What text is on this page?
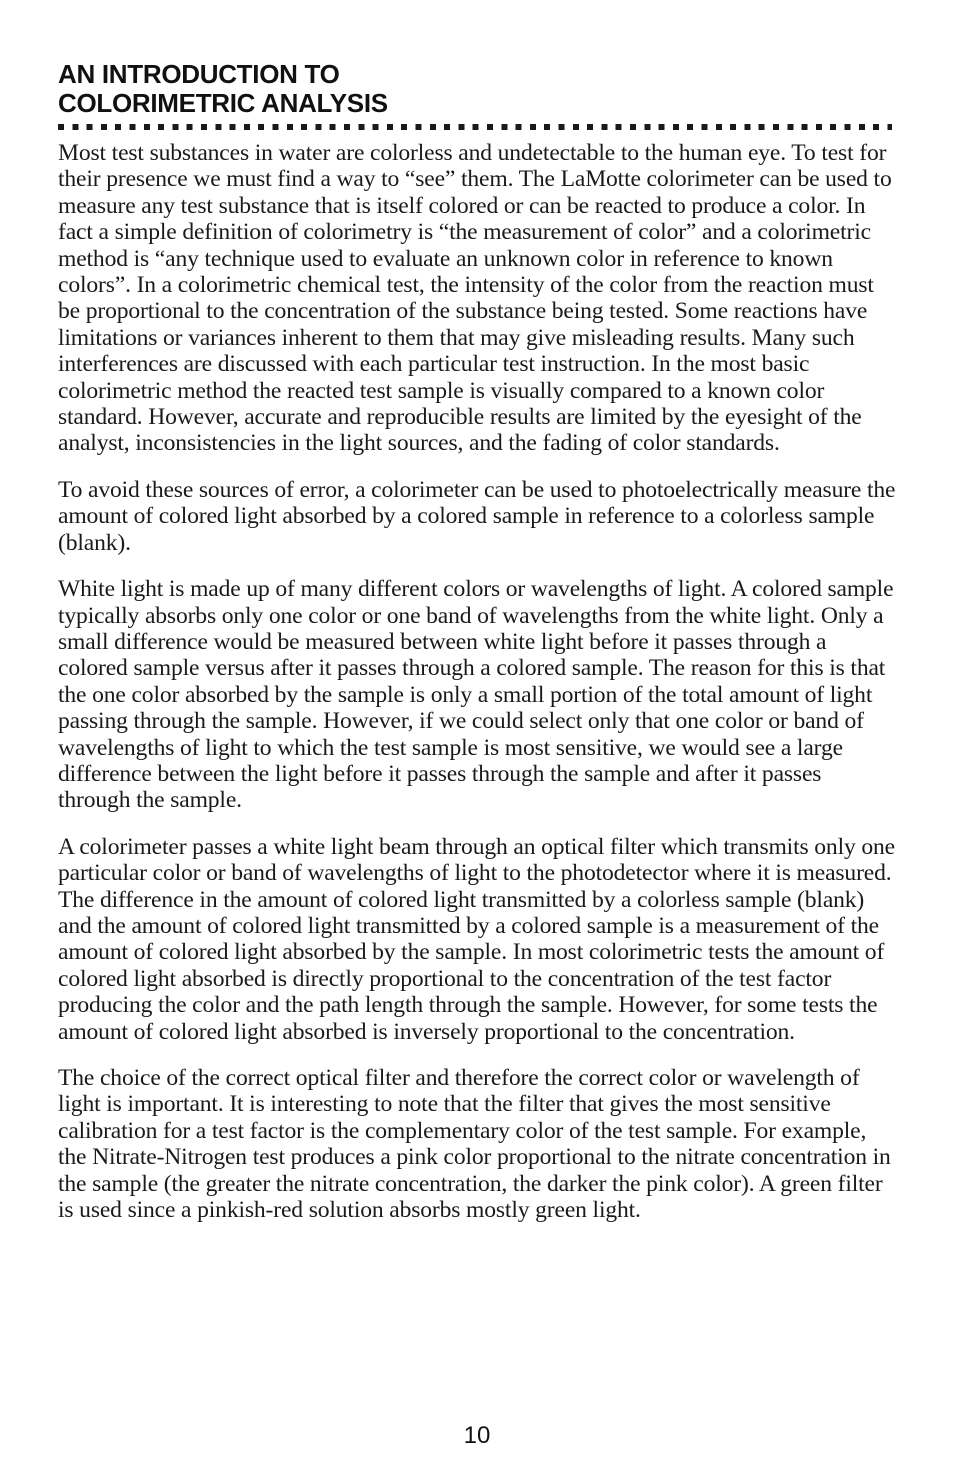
AN INTRODUCTION TO
COLORIMETRIC ANALYSIS

Most test substances in water are colorless and undetectable to the human eye. To test for their presence we must find a way to “see” them. The LaMotte colorimeter can be used to measure any test substance that is itself colored or can be reacted to produce a color. In fact a simple definition of colorimetry is “the measurement of color” and a colorimetric method is “any technique used to evaluate an unknown color in reference to known colors”. In a colorimetric chemical test, the intensity of the color from the reaction must be proportional to the concentration of the substance being tested. Some reactions have limitations or variances inherent to them that may give misleading results. Many such interferences are discussed with each particular test instruction. In the most basic colorimetric method the reacted test sample is visually compared to a known color standard. However, accurate and reproducible results are limited by the eyesight of the analyst, inconsistencies in the light sources, and the fading of color standards.

To avoid these sources of error, a colorimeter can be used to photoelectrically measure the amount of colored light absorbed by a colored sample in reference to a colorless sample (blank).

White light is made up of many different colors or wavelengths of light. A colored sample typically absorbs only one color or one band of wavelengths from the white light. Only a small difference would be measured between white light before it passes through a colored sample versus after it passes through a colored sample. The reason for this is that the one color absorbed by the sample is only a small portion of the total amount of light passing through the sample. However, if we could select only that one color or band of wavelengths of light to which the test sample is most sensitive, we would see a large difference between the light before it passes through the sample and after it passes through the sample.

A colorimeter passes a white light beam through an optical filter which transmits only one particular color or band of wavelengths of light to the photodetector where it is measured. The difference in the amount of colored light transmitted by a colorless sample (blank) and the amount of colored light transmitted by a colored sample is a measurement of the amount of colored light absorbed by the sample. In most colorimetric tests the amount of colored light absorbed is directly proportional to the concentration of the test factor producing the color and the path length through the sample. However, for some tests the amount of colored light absorbed is inversely proportional to the concentration.

The choice of the correct optical filter and therefore the correct color or wavelength of light is important. It is interesting to note that the filter that gives the most sensitive calibration for a test factor is the complementary color of the test sample. For example, the Nitrate-Nitrogen test produces a pink color proportional to the nitrate concentration in the sample (the greater the nitrate concentration, the darker the pink color). A green filter is used since a pinkish-red solution absorbs mostly green light.

10
